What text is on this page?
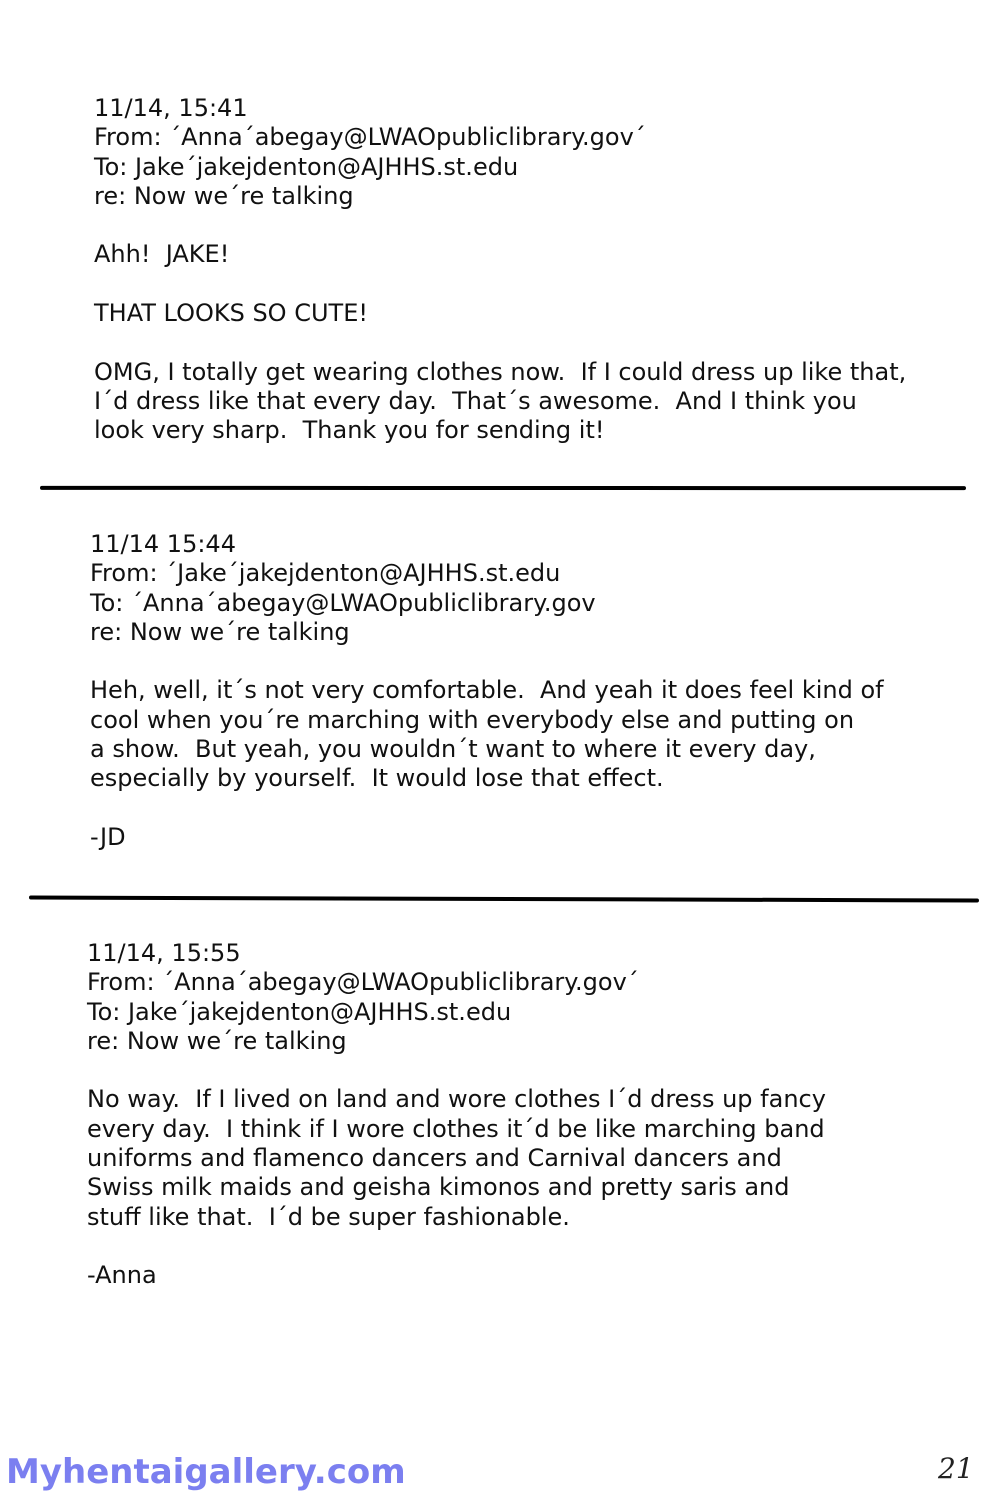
11/14, 15:41
From: ´Anna´abegay@LWAOpubliclibrary.gov´
To: Jake´jakejdenton@AJHHS.st.edu
re: Now we´re talking
Ahh!  JAKE!
THAT LOOKS SO CUTE!
OMG, I totally get wearing clothes now.  If I could dress up like that,
I´d dress like that every day.  That´s awesome.  And I think you
look very sharp.  Thank you for sending it!
11/14 15:44
From: ´Jake´jakejdenton@AJHHS.st.edu
To: ´Anna´abegay@LWAOpubliclibrary.gov
re: Now we´re talking
Heh, well, it´s not very comfortable.  And yeah it does feel kind of
cool when you´re marching with everybody else and putting on
a show.  But yeah, you wouldn´t want to where it every day,
especially by yourself.  It would lose that effect.
-JD
11/14, 15:55
From: ´Anna´abegay@LWAOpubliclibrary.gov´
To: Jake´jakejdenton@AJHHS.st.edu
re: Now we´re talking
No way.  If I lived on land and wore clothes I´d dress up fancy
every day.  I think if I wore clothes it´d be like marching band
uniforms and flamenco dancers and Carnival dancers and
Swiss milk maids and geisha kimonos and pretty saris and
stuff like that.  I´d be super fashionable.
-Anna
Myhentaigallery.com	21
